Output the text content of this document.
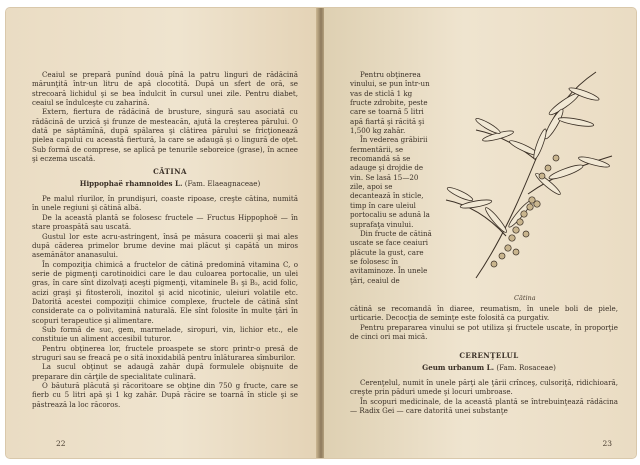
Ceaiul se prepară punînd două pînă la patru linguri de rădăcină mărunţită într-un litru de apă clocotită. După un sfert de oră, se strecoară lichidul şi se bea îndulcit în cursul unei zile. Pentru diabet, ceaiul se îndulceşte cu zaharină.

Extern, fiertura de rădăcină de brusture, singură sau asociată cu rădăcină de urzică şi frunze de mesteacăn, ajută la creşterea părului. O dată pe săptămînă, după spălarea şi clătirea părului se fricţionează pielea capului cu această fiertură, la care se adaugă şi o lingură de oţet. Sub formă de comprese, se aplică pe tenurile seboreice (grase), în acnee şi eczema uscată.

CĂTINA

Hippophaë rhamnoides L. (Fam. Elaeagnaceae)

Pe malul rîurilor, în prundişuri, coaste ripoase, creşte cătina, numită în unele regiuni şi cătină albă.

De la această plantă se folosesc fructele — Fructus Hippophoë — în stare proaspătă sau uscată.

Gustul lor este acru-astringent, însă pe măsura coacerii şi mai ales după căderea primelor brume devine mai plăcut şi capătă un miros asemănător ananasului.

În compoziţia chimică a fructelor de cătină predomină vitamina C, o serie de pigmenţi carotinoidici care le dau culoarea portocalie, un ulei gras, în care sînt dizolvaţi aceşti pigmenţi, vitaminele B₁ şi B₂, acid folic, acizi graşi şi fitosteroli, inozitol şi acid nicotinic, uleiuri volatile etc. Datorită acestei compoziţii chimice complexe, fructele de cătină sînt considerate ca o polivitamină naturală. Ele sînt folosite în multe ţări în scopuri terapeutice şi alimentare.

Sub formă de suc, gem, marmelade, siropuri, vin, lichior etc., ele constituie un aliment accesibil tuturor.

Pentru obţinerea lor, fructele proaspete se storc printr-o presă de struguri sau se freacă pe o sită inoxidabilă pentru înlăturarea sîmburilor.

La sucul obţinut se adaugă zahăr după formulele obişnuite de preparare din cărţile de specialitate culinară.

O băutură plăcută şi răcoritoare se obţine din 750 g fructe, care se fierb cu 5 litri apă şi 1 kg zahăr. După răcire se toarnă în sticle şi se păstrează la loc răcoros.

22

Pentru obţinerea vinului, se pun într-un vas de sticlă 1 kg fructe zdrobite, peste care se toarnă 5 litri apă fiartă şi răcită şi 1,500 kg zahăr.

În vederea grăbirii fermentării, se recomandă să se adauge şi drojdie de vin. Se lasă 15—20 zile, apoi se decantează în sticle, timp în care uleiul portocaliu se adună la suprafaţa vinului.

Din fructe de cătină uscate se face ceaiuri plăcute la gust, care se folosesc în avitaminoze. În unele ţări, ceaiul de

Cătina

cătină se recomandă în diaree, reumatism, în unele boli de piele, urticarie. Decocţia de seminţe este folosită ca purgativ.

Pentru prepararea vinului se pot utiliza şi fructele uscate, în proporţie de cinci ori mai mică.

CERENŢELUL

Geum urbanum L. (Fam. Rosaceae)

Cerenţelul, numit în unele părţi ale ţării crînceş, culsoriţă, ridichioară, creşte prin păduri umede şi locuri umbroase.

În scopuri medicinale, de la această plantă se întrebuinţează rădăcina — Radix Gei — care datorită unei substanţe

23
